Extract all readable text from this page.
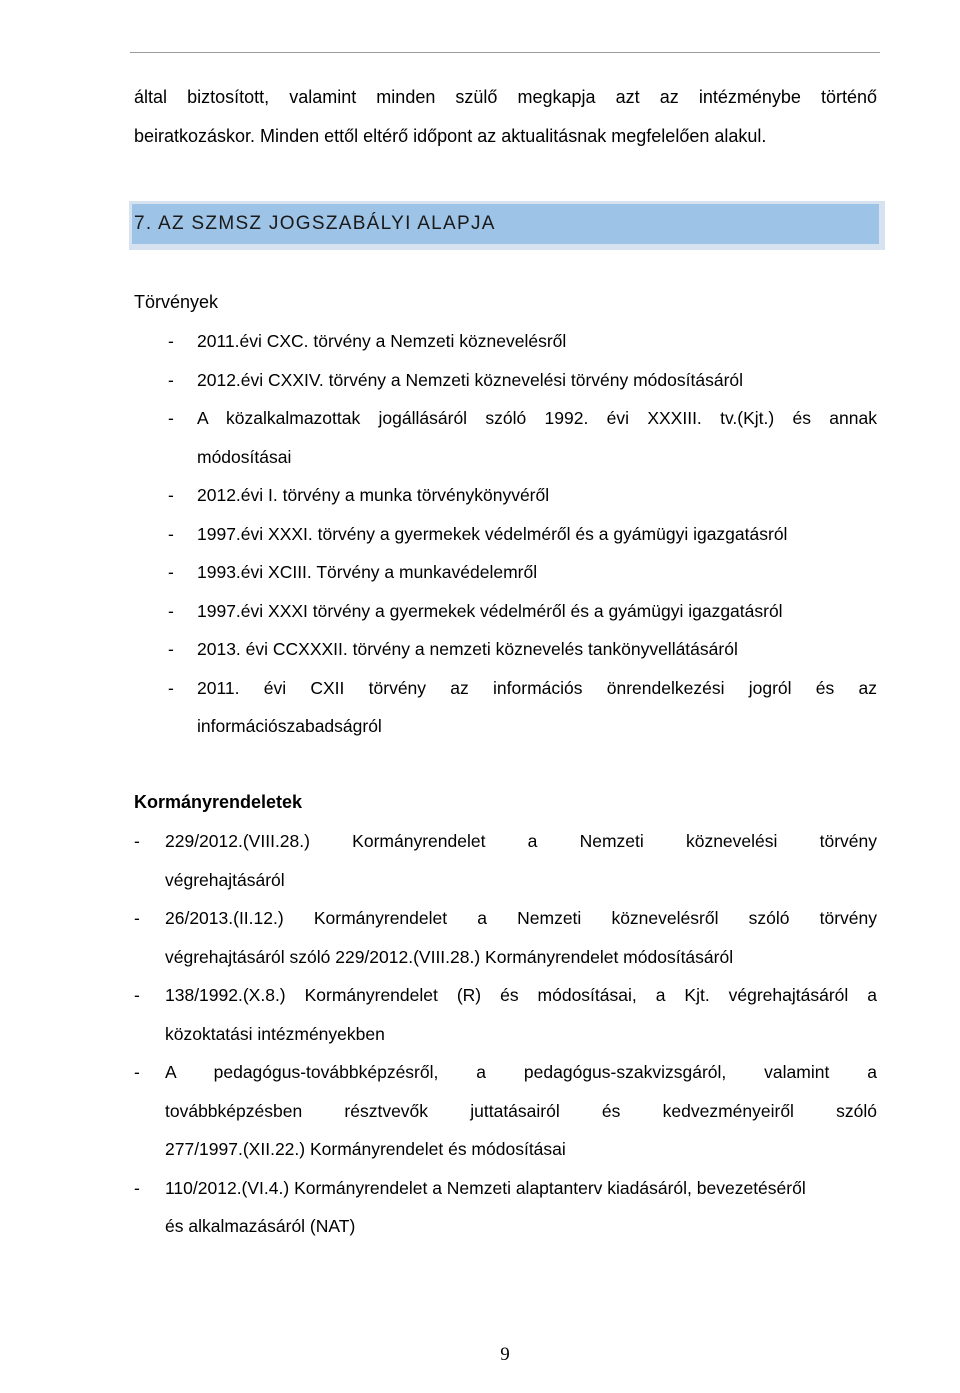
által biztosított, valamint minden szülő megkapja azt az intézménybe történő
beiratkozáskor. Minden ettől eltérő időpont az aktualitásnak megfelelően alakul.
7. AZ SZMSZ JOGSZABÁLYI ALAPJA
Törvények
- 2011.évi CXC. törvény a Nemzeti köznevelésről
- 2012.évi CXXIV. törvény a Nemzeti köznevelési törvény módosításáról
- A közalkalmazottak jogállásáról szóló 1992. évi XXXIII. tv.(Kjt.) és annak
módosításai
- 2012.évi I. törvény a munka törvénykönyvéről
- 1997.évi XXXI. törvény a gyermekek védelméről és a gyámügyi igazgatásról
- 1993.évi XCIII. Törvény a munkavédelemről
- 1997.évi XXXI törvény a gyermekek védelméről és a gyámügyi igazgatásról
- 2013. évi CCXXXII. törvény a nemzeti köznevelés tankönyvellátásáról
- 2011. évi CXII törvény az információs önrendelkezési jogról és az
információszabadságról
Kormányrendeletek
- 229/2012.(VIII.28.) Kormányrendelet a Nemzeti köznevelési törvény
végrehajtásáról
- 26/2013.(II.12.) Kormányrendelet a Nemzeti köznevelésről szóló törvény
végrehajtásáról szóló 229/2012.(VIII.28.) Kormányrendelet módosításáról
- 138/1992.(X.8.) Kormányrendelet (R) és módosításai, a Kjt. végrehajtásáról a
közoktatási intézményekben
- A pedagógus-továbbképzésről, a pedagógus-szakvizsgáról, valamint a
továbbképzésben résztvevők juttatásairól és kedvezményeiről szóló
277/1997.(XII.22.) Kormányrendelet és módosításai
- 110/2012.(VI.4.) Kormányrendelet a Nemzeti alaptanterv kiadásáról, bevezetéséről
és alkalmazásáról (NAT)
9
